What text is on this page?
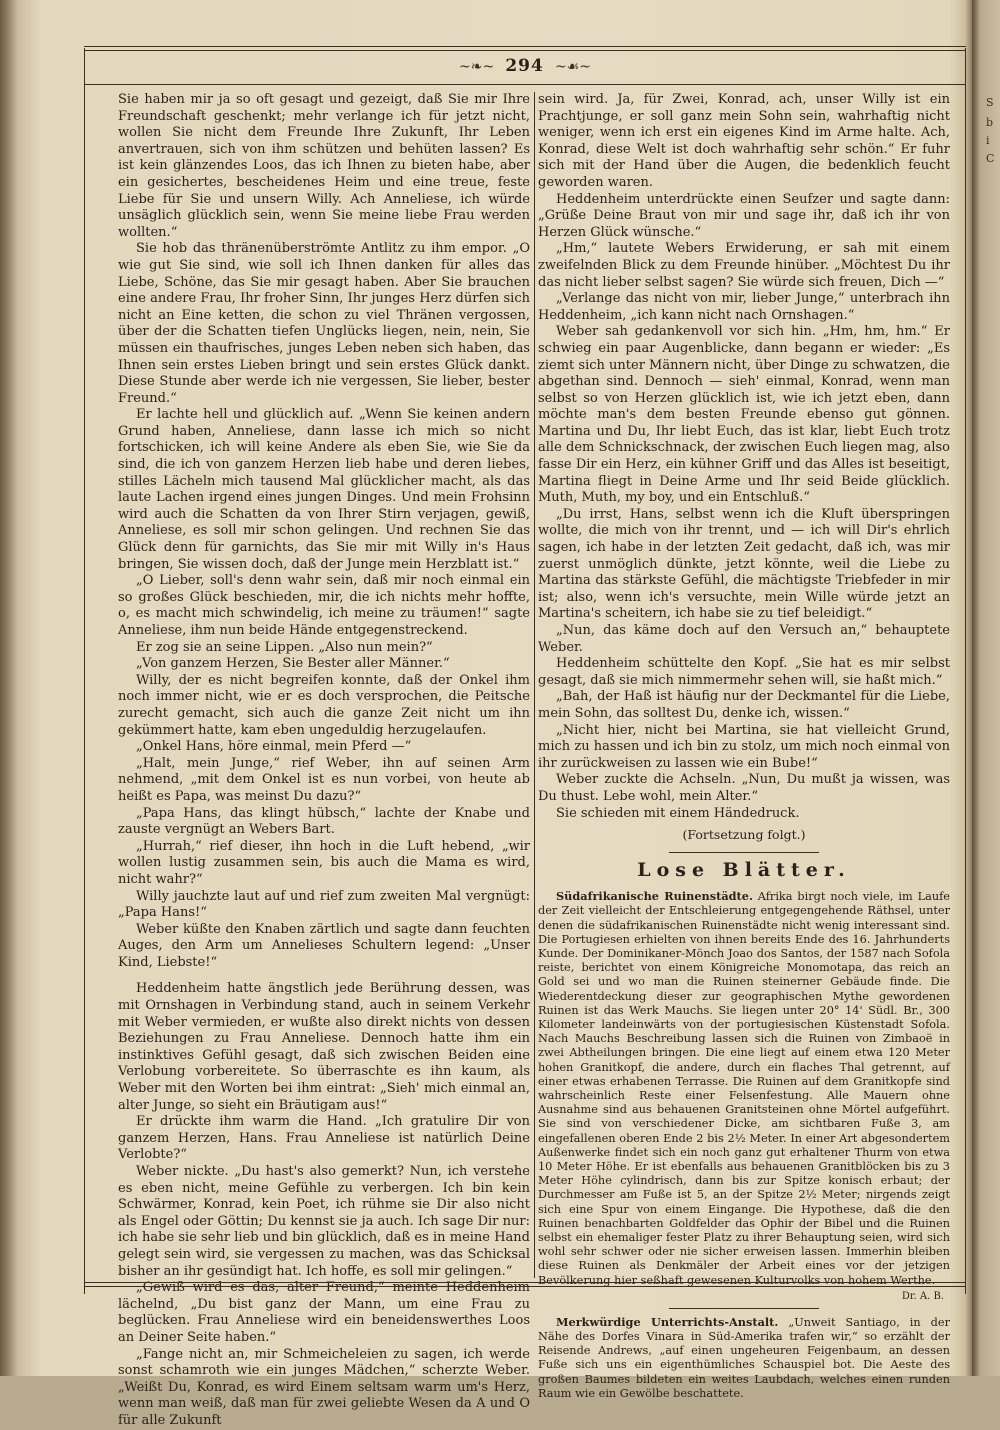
S
b
i
C
~❧~ 294 ~☙~

Sie haben mir ja so oft gesagt und gezeigt, daß Sie mir Ihre Freundschaft geschenkt; mehr verlange ich für jetzt nicht, wollen Sie nicht dem Freunde Ihre Zukunft, Ihr Leben anvertrauen, sich von ihm schützen und behüten lassen? Es ist kein glänzendes Loos, das ich Ihnen zu bieten habe, aber ein gesichertes, bescheidenes Heim und eine treue, feste Liebe für Sie und unsern Willy. Ach Anneliese, ich würde unsäglich glücklich sein, wenn Sie meine liebe Frau werden wollten.“

Sie hob das thränenüberströmte Antlitz zu ihm empor. „O wie gut Sie sind, wie soll ich Ihnen danken für alles das Liebe, Schöne, das Sie mir gesagt haben. Aber Sie brauchen eine andere Frau, Ihr froher Sinn, Ihr junges Herz dürfen sich nicht an Eine ketten, die schon zu viel Thränen vergossen, über der die Schatten tiefen Unglücks liegen, nein, nein, Sie müssen ein thaufrisches, junges Leben neben sich haben, das Ihnen sein erstes Lieben bringt und sein erstes Glück dankt. Diese Stunde aber werde ich nie vergessen, Sie lieber, bester Freund.“

Er lachte hell und glücklich auf. „Wenn Sie keinen andern Grund haben, Anneliese, dann lasse ich mich so nicht fortschicken, ich will keine Andere als eben Sie, wie Sie da sind, die ich von ganzem Herzen lieb habe und deren liebes, stilles Lächeln mich tausend Mal glücklicher macht, als das laute Lachen irgend eines jungen Dinges. Und mein Frohsinn wird auch die Schatten da von Ihrer Stirn verjagen, gewiß, Anneliese, es soll mir schon gelingen. Und rechnen Sie das Glück denn für garnichts, das Sie mir mit Willy in's Haus bringen, Sie wissen doch, daß der Junge mein Herzblatt ist.“

„O Lieber, soll's denn wahr sein, daß mir noch einmal ein so großes Glück beschieden, mir, die ich nichts mehr hoffte, o, es macht mich schwindelig, ich meine zu träumen!“ sagte Anneliese, ihm nun beide Hände entgegenstreckend.

Er zog sie an seine Lippen. „Also nun mein?“

„Von ganzem Herzen, Sie Bester aller Männer.“

Willy, der es nicht begreifen konnte, daß der Onkel ihm noch immer nicht, wie er es doch versprochen, die Peitsche zurecht gemacht, sich auch die ganze Zeit nicht um ihn gekümmert hatte, kam eben ungeduldig herzugelaufen.

„Onkel Hans, höre einmal, mein Pferd —“

„Halt, mein Junge,“ rief Weber, ihn auf seinen Arm nehmend, „mit dem Onkel ist es nun vorbei, von heute ab heißt es Papa, was meinst Du dazu?“

„Papa Hans, das klingt hübsch,“ lachte der Knabe und zauste vergnügt an Webers Bart.

„Hurrah,“ rief dieser, ihn hoch in die Luft hebend, „wir wollen lustig zusammen sein, bis auch die Mama es wird, nicht wahr?“

Willy jauchzte laut auf und rief zum zweiten Mal vergnügt: „Papa Hans!“

Weber küßte den Knaben zärtlich und sagte dann feuchten Auges, den Arm um Annelieses Schultern legend: „Unser Kind, Liebste!“

Heddenheim hatte ängstlich jede Berührung dessen, was mit Ornshagen in Verbindung stand, auch in seinem Verkehr mit Weber vermieden, er wußte also direkt nichts von dessen Beziehungen zu Frau Anneliese. Dennoch hatte ihm ein instinktives Gefühl gesagt, daß sich zwischen Beiden eine Verlobung vorbereitete. So überraschte es ihn kaum, als Weber mit den Worten bei ihm eintrat: „Sieh' mich einmal an, alter Junge, so sieht ein Bräutigam aus!“

Er drückte ihm warm die Hand. „Ich gratulire Dir von ganzem Herzen, Hans. Frau Anneliese ist natürlich Deine Verlobte?“

Weber nickte. „Du hast's also gemerkt? Nun, ich verstehe es eben nicht, meine Gefühle zu verbergen. Ich bin kein Schwärmer, Konrad, kein Poet, ich rühme sie Dir also nicht als Engel oder Göttin; Du kennst sie ja auch. Ich sage Dir nur: ich habe sie sehr lieb und bin glücklich, daß es in meine Hand gelegt sein wird, sie vergessen zu machen, was das Schicksal bisher an ihr gesündigt hat. Ich hoffe, es soll mir gelingen.“

„Gewiß wird es das, alter Freund,“ meinte Heddenheim lächelnd, „Du bist ganz der Mann, um eine Frau zu beglücken. Frau Anneliese wird ein beneidenswerthes Loos an Deiner Seite haben.“

„Fange nicht an, mir Schmeicheleien zu sagen, ich werde sonst schamroth wie ein junges Mädchen,“ scherzte Weber. „Weißt Du, Konrad, es wird Einem seltsam warm um's Herz, wenn man weiß, daß man für zwei geliebte Wesen da A und O für alle Zukunft

sein wird. Ja, für Zwei, Konrad, ach, unser Willy ist ein Prachtjunge, er soll ganz mein Sohn sein, wahrhaftig nicht weniger, wenn ich erst ein eigenes Kind im Arme halte. Ach, Konrad, diese Welt ist doch wahrhaftig sehr schön.“ Er fuhr sich mit der Hand über die Augen, die bedenklich feucht geworden waren.

Heddenheim unterdrückte einen Seufzer und sagte dann: „Grüße Deine Braut von mir und sage ihr, daß ich ihr von Herzen Glück wünsche.“

„Hm,“ lautete Webers Erwiderung, er sah mit einem zweifelnden Blick zu dem Freunde hinüber. „Möchtest Du ihr das nicht lieber selbst sagen? Sie würde sich freuen, Dich —“

„Verlange das nicht von mir, lieber Junge,“ unterbrach ihn Heddenheim, „ich kann nicht nach Ornshagen.“

Weber sah gedankenvoll vor sich hin. „Hm, hm, hm.“ Er schwieg ein paar Augenblicke, dann begann er wieder: „Es ziemt sich unter Männern nicht, über Dinge zu schwatzen, die abgethan sind. Dennoch — sieh' einmal, Konrad, wenn man selbst so von Herzen glücklich ist, wie ich jetzt eben, dann möchte man's dem besten Freunde ebenso gut gönnen. Martina und Du, Ihr liebt Euch, das ist klar, liebt Euch trotz alle dem Schnickschnack, der zwischen Euch liegen mag, also fasse Dir ein Herz, ein kühner Griff und das Alles ist beseitigt, Martina fliegt in Deine Arme und Ihr seid Beide glücklich. Muth, Muth, my boy, und ein Entschluß.“

„Du irrst, Hans, selbst wenn ich die Kluft überspringen wollte, die mich von ihr trennt, und — ich will Dir's ehrlich sagen, ich habe in der letzten Zeit gedacht, daß ich, was mir zuerst unmöglich dünkte, jetzt könnte, weil die Liebe zu Martina das stärkste Gefühl, die mächtigste Triebfeder in mir ist; also, wenn ich's versuchte, mein Wille würde jetzt an Martina's scheitern, ich habe sie zu tief beleidigt.“

„Nun, das käme doch auf den Versuch an,“ behauptete Weber.

Heddenheim schüttelte den Kopf. „Sie hat es mir selbst gesagt, daß sie mich nimmermehr sehen will, sie haßt mich.“

„Bah, der Haß ist häufig nur der Deckmantel für die Liebe, mein Sohn, das solltest Du, denke ich, wissen.“

„Nicht hier, nicht bei Martina, sie hat vielleicht Grund, mich zu hassen und ich bin zu stolz, um mich noch einmal von ihr zurückweisen zu lassen wie ein Bube!“

Weber zuckte die Achseln. „Nun, Du mußt ja wissen, was Du thust. Lebe wohl, mein Alter.“

Sie schieden mit einem Händedruck.

(Fortsetzung folgt.)
Lose Blätter.

Südafrikanische Ruinenstädte. Afrika birgt noch viele, im Laufe der Zeit vielleicht der Entschleierung entgegengehende Räthsel, unter denen die südafrikanischen Ruinenstädte nicht wenig interessant sind. Die Portugiesen erhielten von ihnen bereits Ende des 16. Jahrhunderts Kunde. Der Dominikaner-Mönch Joao dos Santos, der 1587 nach Sofola reiste, berichtet von einem Königreiche Monomotapa, das reich an Gold sei und wo man die Ruinen steinerner Gebäude finde. Die Wiederentdeckung dieser zur geographischen Mythe gewordenen Ruinen ist das Werk Mauchs. Sie liegen unter 20° 14' Südl. Br., 300 Kilometer landeinwärts von der portugiesischen Küstenstadt Sofola. Nach Mauchs Beschreibung lassen sich die Ruinen von Zimbaoë in zwei Abtheilungen bringen. Die eine liegt auf einem etwa 120 Meter hohen Granitkopf, die andere, durch ein flaches Thal getrennt, auf einer etwas erhabenen Terrasse. Die Ruinen auf dem Granitkopfe sind wahrscheinlich Reste einer Felsenfestung. Alle Mauern ohne Ausnahme sind aus behauenen Granitsteinen ohne Mörtel aufgeführt. Sie sind von verschiedener Dicke, am sichtbaren Fuße 3, am eingefallenen oberen Ende 2 bis 2½ Meter. In einer Art abgesondertem Außenwerke findet sich ein noch ganz gut erhaltener Thurm von etwa 10 Meter Höhe. Er ist ebenfalls aus behauenen Granitblöcken bis zu 3 Meter Höhe cylindrisch, dann bis zur Spitze konisch erbaut; der Durchmesser am Fuße ist 5, an der Spitze 2½ Meter; nirgends zeigt sich eine Spur von einem Eingange. Die Hypothese, daß die den Ruinen benachbarten Goldfelder das Ophir der Bibel und die Ruinen selbst ein ehemaliger fester Platz zu ihrer Behauptung seien, wird sich wohl sehr schwer oder nie sicher erweisen lassen. Immerhin bleiben diese Ruinen als Denkmäler der Arbeit eines vor der jetzigen Bevölkerung hier seßhaft gewesenen Kulturvolks von hohem Werthe.

Dr. A. B.

Merkwürdige Unterrichts-Anstalt. „Unweit Santiago, in der Nähe des Dorfes Vinara in Süd-Amerika trafen wir,“ so erzählt der Reisende Andrews, „auf einen ungeheuren Feigenbaum, an dessen Fuße sich uns ein eigenthümliches Schauspiel bot. Die Aeste des großen Baumes bildeten ein weites Laubdach, welches einen runden Raum wie ein Gewölbe beschattete.
